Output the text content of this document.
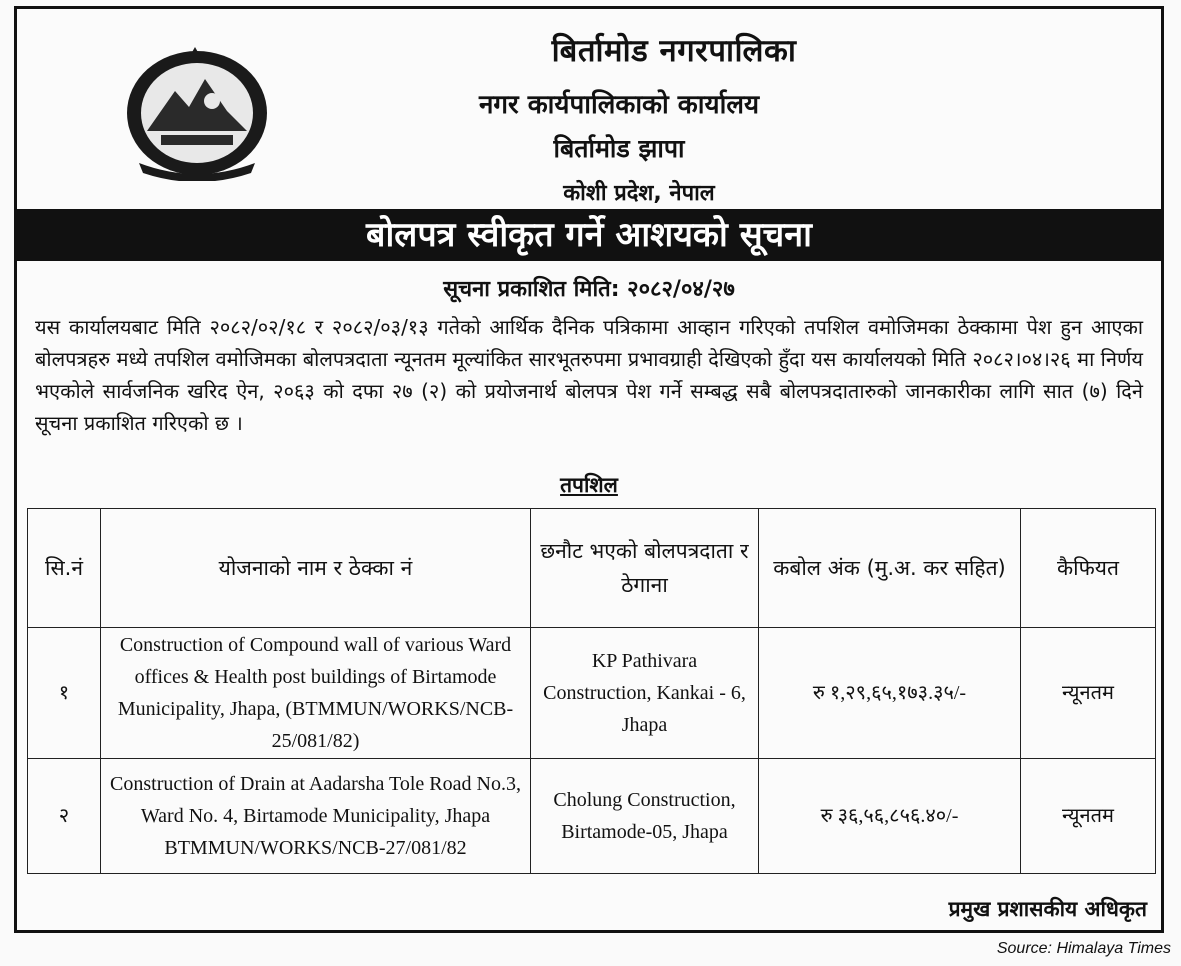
बिर्तामोड नगरपालिका
नगर कार्यपालिकाको कार्यालय
बिर्तामोड झापा
कोशी प्रदेश, नेपाल
बोलपत्र स्वीकृत गर्ने आशयको सूचना
सूचना प्रकाशित मिति: २०८२/०४/२७
यस कार्यालयबाट मिति २०८२/०२/१८ र २०८२/०३/१३ गतेको आर्थिक दैनिक पत्रिकामा आव्हान गरिएको तपशिल वमोजिमका ठेक्कामा पेश हुन आएका बोलपत्रहरु मध्ये तपशिल वमोजिमका बोलपत्रदाता न्यूनतम मूल्यांकित सारभूतरुपमा प्रभावग्राही देखिएको हुँदा यस कार्यालयको मिति २०८२।०४।२६ मा निर्णय भएकोले सार्वजनिक खरिद ऐन, २०६३ को दफा २७ (२) को प्रयोजनार्थ बोलपत्र पेश गर्ने सम्बद्ध सबै बोलपत्रदातारुको जानकारीका लागि सात (७) दिने सूचना प्रकाशित गरिएको छ ।
तपशिल
सि.नं	योजनाको नाम र ठेक्का नं	छनौट भएको बोलपत्रदाता र ठेगाना	कबोल अंक (मु.अ. कर सहित)	कैफियत
१	Construction of Compound wall of various Ward offices & Health post buildings of Birtamode Municipality, Jhapa, (BTMMUN/WORKS/NCB-25/081/82)	KP Pathivara Construction, Kankai - 6, Jhapa	रु १,२९,६५,१७३.३५/-	न्यूनतम
२	Construction of Drain at Aadarsha Tole Road No.3, Ward No. 4, Birtamode Municipality, Jhapa BTMMUN/WORKS/NCB-27/081/82	Cholung Construction, Birtamode-05, Jhapa	रु ३६,५६,८५६.४०/-	न्यूनतम
प्रमुख प्रशासकीय अधिकृत
Source: Himalaya Times
